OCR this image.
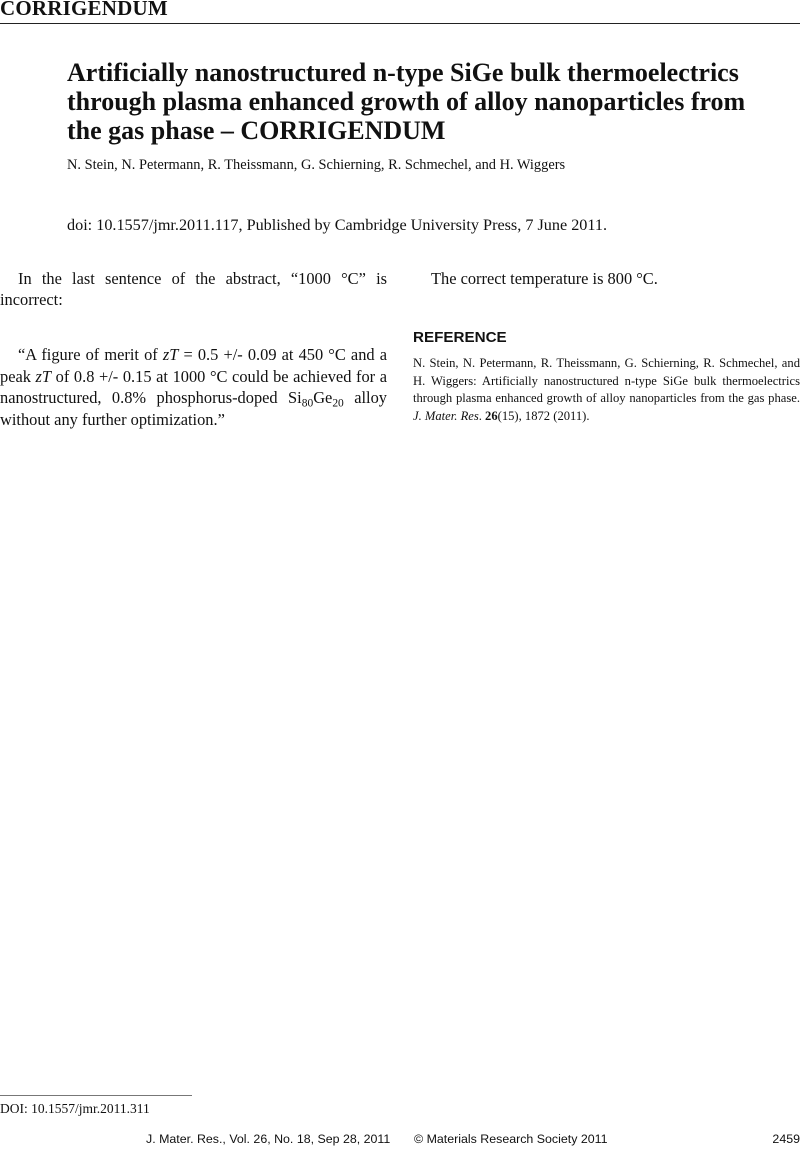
CORRIGENDUM
Artificially nanostructured n-type SiGe bulk thermoelectrics through plasma enhanced growth of alloy nanoparticles from the gas phase – CORRIGENDUM
N. Stein, N. Petermann, R. Theissmann, G. Schierning, R. Schmechel, and H. Wiggers
doi: 10.1557/jmr.2011.117, Published by Cambridge University Press, 7 June 2011.

In the last sentence of the abstract, “1000 °C” is incorrect:

“A figure of merit of zT = 0.5 +/- 0.09 at 450 °C and a peak zT of 0.8 +/- 0.15 at 1000 °C could be achieved for a nanostructured, 0.8% phosphorus-doped $Si_{80}Ge_{20}$ alloy without any further optimization.”

The correct temperature is 800 °C.

REFERENCE

N. Stein, N. Petermann, R. Theissmann, G. Schierning, R. Schmechel, and H. Wiggers: Artificially nanostructured n-type SiGe bulk thermoelectrics through plasma enhanced growth of alloy nanoparticles from the gas phase. J. Mater. Res. 26(15), 1872 (2011).

DOI: 10.1557/jmr.2011.311
J. Mater. Res., Vol. 26, No. 18, Sep 28, 2011 © Materials Research Society 2011	2459
